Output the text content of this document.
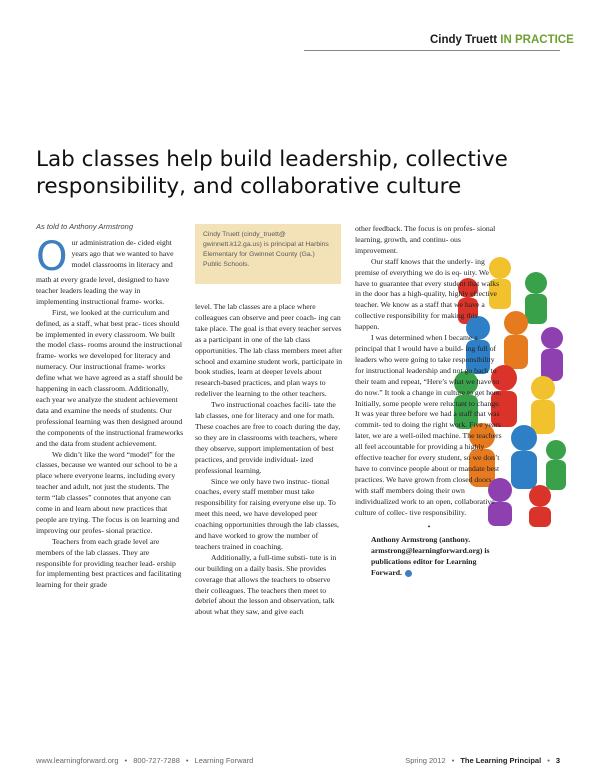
Cindy Truett IN PRACTICE
Lab classes help build leadership, collective responsibility, and collaborative culture
As told to Anthony Armstrong
O ur administration de- cided eight years ago that we wanted to have model classrooms in literacy and

math at every grade level, designed to have teacher leaders leading the way in implementing instructional frame- works.

First, we looked at the curriculum and defined, as a staff, what best prac- tices should be implemented in every classroom. We built the model class- rooms around the instructional frame- works we developed for literacy and numeracy. Our instructional frame- works define what we have agreed as a staff should be happening in each classroom. Additionally, each year we analyze the student achievement data and examine the needs of students. Our professional learning was then designed around the components of the instructional frameworks and the data from student achievement.

We didn’t like the word “model” for the classes, because we wanted our school to be a place where everyone learns, including every teacher and adult, not just the students. The term “lab classes” connotes that anyone can come in and learn about new practices that people are trying. The focus is on learning and improving our profes- sional practice.

Teachers from each grade level are members of the lab classes. They are responsible for providing teacher lead- ership for implementing best practices and facilitating learning for their grade

Cindy Truett (cindy_truett@ gwinnett.k12.ga.us) is principal at Harbins Elementary for Gwinnet County (Ga.) Public Schools.

level. The lab classes are a place where colleagues can observe and peer coach- ing can take place. The goal is that every teacher serves as a participant in one of the lab class opportunities. The lab class members meet after school and examine student work, participate in book studies, learn at deeper levels about research-based practices, and plan ways to redeliver the learning to the other teachers.

Two instructional coaches facili- tate the lab classes, one for literacy and one for math. These coaches are free to coach during the day, so they are in classrooms with teachers, where they observe, support implementation of best practices, and provide individual- ized professional learning.

Since we only have two instruc- tional coaches, every staff member must take responsibility for raising everyone else up. To meet this need, we have developed peer coaching opportunities through the lab classes, and have worked to grow the number of teachers trained in coaching.

Additionally, a full-time substi- tute is in our building on a daily basis. She provides coverage that allows the teachers to observe their colleagues. The teachers then meet to debrief about the lesson and observation, talk about what they saw, and give each

other feedback. The focus is on profes- sional learning, growth, and continu- ous improvement.

Our staff knows that the underly- ing premise of everything we do is eq- uity. We have to guarantee that every student that walks in the door has a high-quality, highly effective teacher. We know as a staff that we have a collective responsibility for making this happen.

I was determined when I became a principal that I would have a build- ing full of leaders who were going to take responsibility for instructional leadership and not go back to their team and repeat, “Here’s what we have to do now.” It took a change in culture to get here. Initially, some people were reluctant to change. It was year three before we had a staff that was commit- ted to doing the right work. Five years later, we are a well-oiled machine. The teachers all feel accountable for providing a highly effective teacher for every student, so we don’t have to convince people about or mandate best practices. We have grown from closed doors with staff members doing their own individualized work to an open, collaborative culture of collec- tive responsibility.

•

Anthony Armstrong (anthony. armstrong@learningforward.org) is publications editor for Learning Forward.

www.learningforward.org • 800-727-7288 • Learning Forward	Spring 2012 • The Learning Principal • 3
